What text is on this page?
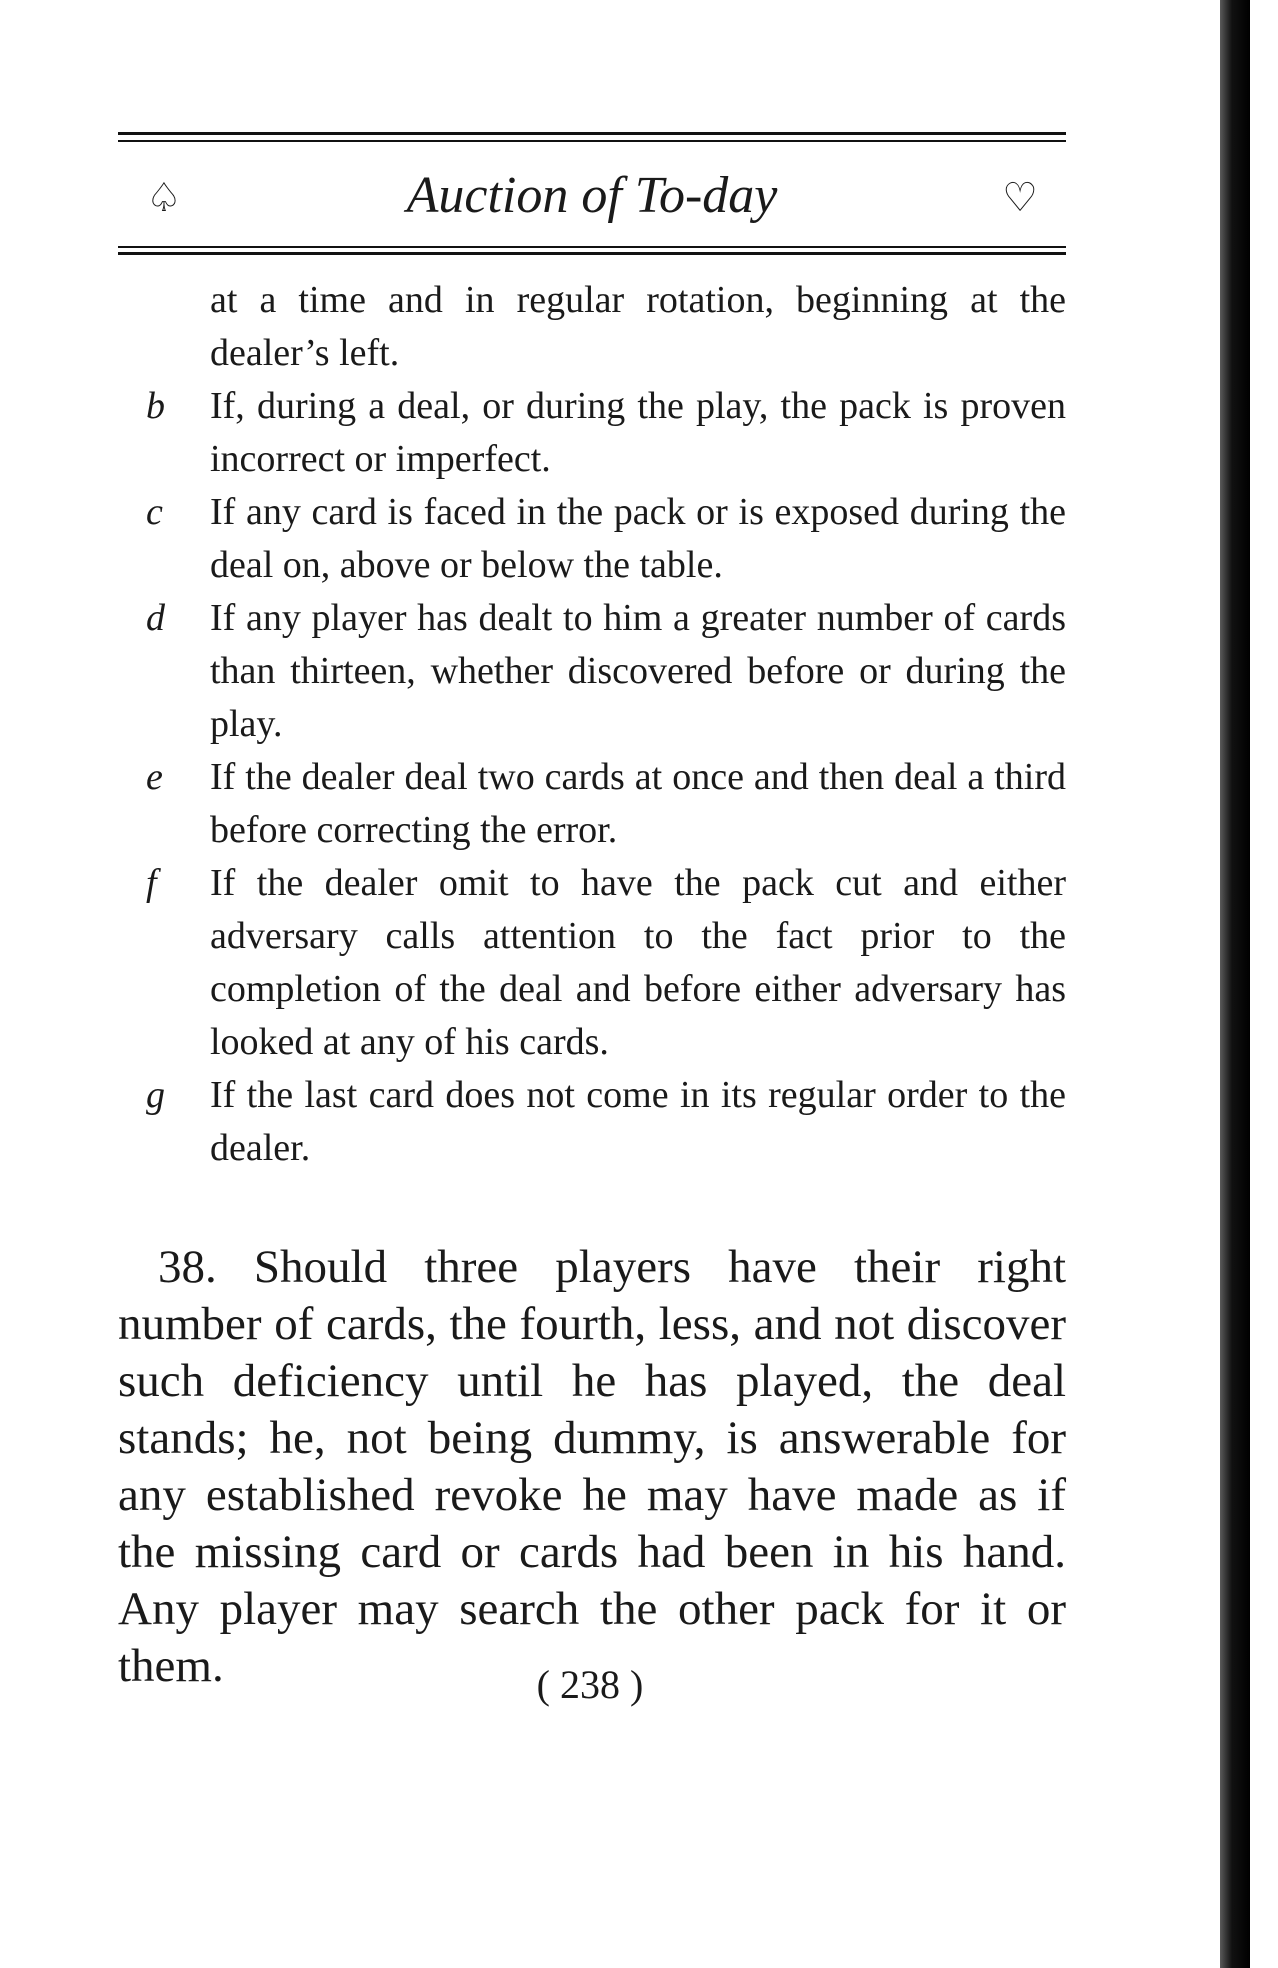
♤	Auction of To-day	♡
at a time and in regular rotation, beginning at the dealer’s left.
b	If, during a deal, or during the play, the pack is proven incorrect or imperfect.
c	If any card is faced in the pack or is exposed during the deal on, above or below the table.
d	If any player has dealt to him a greater number of cards than thirteen, whether discovered before or during the play.
e	If the dealer deal two cards at once and then deal a third before correcting the error.
f	If the dealer omit to have the pack cut and either adversary calls attention to the fact prior to the completion of the deal and before either adversary has looked at any of his cards.
g	If the last card does not come in its regular order to the dealer.

38. Should three players have their right number of cards, the fourth, less, and not discover such deficiency until he has played, the deal stands; he, not being dummy, is answerable for any established revoke he may have made as if the missing card or cards had been in his hand. Any player may search the other pack for it or them.	( 238 )
